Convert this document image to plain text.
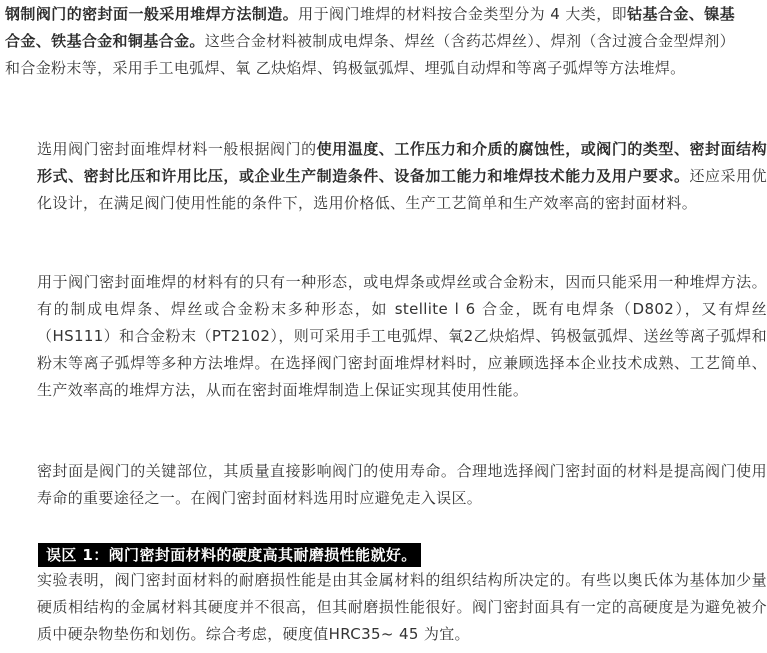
钢制阀门的密封面一般采用堆焊方法制造。用于阀门堆焊的材料按合金类型分为 4 大类，即钴基合金、镍基合金、铁基合金和铜基合金。这些合金材料被制成电焊条、焊丝（含药芯焊丝）、焊剂（含过渡合金型焊剂）和合金粉末等，采用手工电弧焊、氧 乙炔焰焊、钨极氩弧焊、埋弧自动焊和等离子弧焊等方法堆焊。

选用阀门密封面堆焊材料一般根据阀门的使用温度、工作压力和介质的腐蚀性，或阀门的类型、密封面结构形式、密封比压和许用比压，或企业生产制造条件、设备加工能力和堆焊技术能力及用户要求。还应采用优化设计，在满足阀门使用性能的条件下，选用价格低、生产工艺简单和生产效率高的密封面材料。

用于阀门密封面堆焊的材料有的只有一种形态，或电焊条或焊丝或合金粉末，因而只能采用一种堆焊方法。有的制成电焊条、焊丝或合金粉末多种形态，如 stellite l 6 合金，既有电焊条（D802），又有焊丝（HS111）和合金粉末（PT2102），则可采用手工电弧焊、氧2乙炔焰焊、钨极氩弧焊、送丝等离子弧焊和粉末等离子弧焊等多种方法堆焊。在选择阀门密封面堆焊材料时，应兼顾选择本企业技术成熟、工艺简单、生产效率高的堆焊方法，从而在密封面堆焊制造上保证实现其使用性能。

密封面是阀门的关键部位，其质量直接影响阀门的使用寿命。合理地选择阀门密封面的材料是提高阀门使用寿命的重要途径之一。在阀门密封面材料选用时应避免走入误区。

误区 1：阀门密封面材料的硬度高其耐磨损性能就好。

实验表明，阀门密封面材料的耐磨损性能是由其金属材料的组织结构所决定的。有些以奥氏体为基体加少量硬质相结构的金属材料其硬度并不很高，但其耐磨损性能很好。阀门密封面具有一定的高硬度是为避免被介质中硬杂物垫伤和划伤。综合考虑，硬度值HRC35~ 45 为宜。
